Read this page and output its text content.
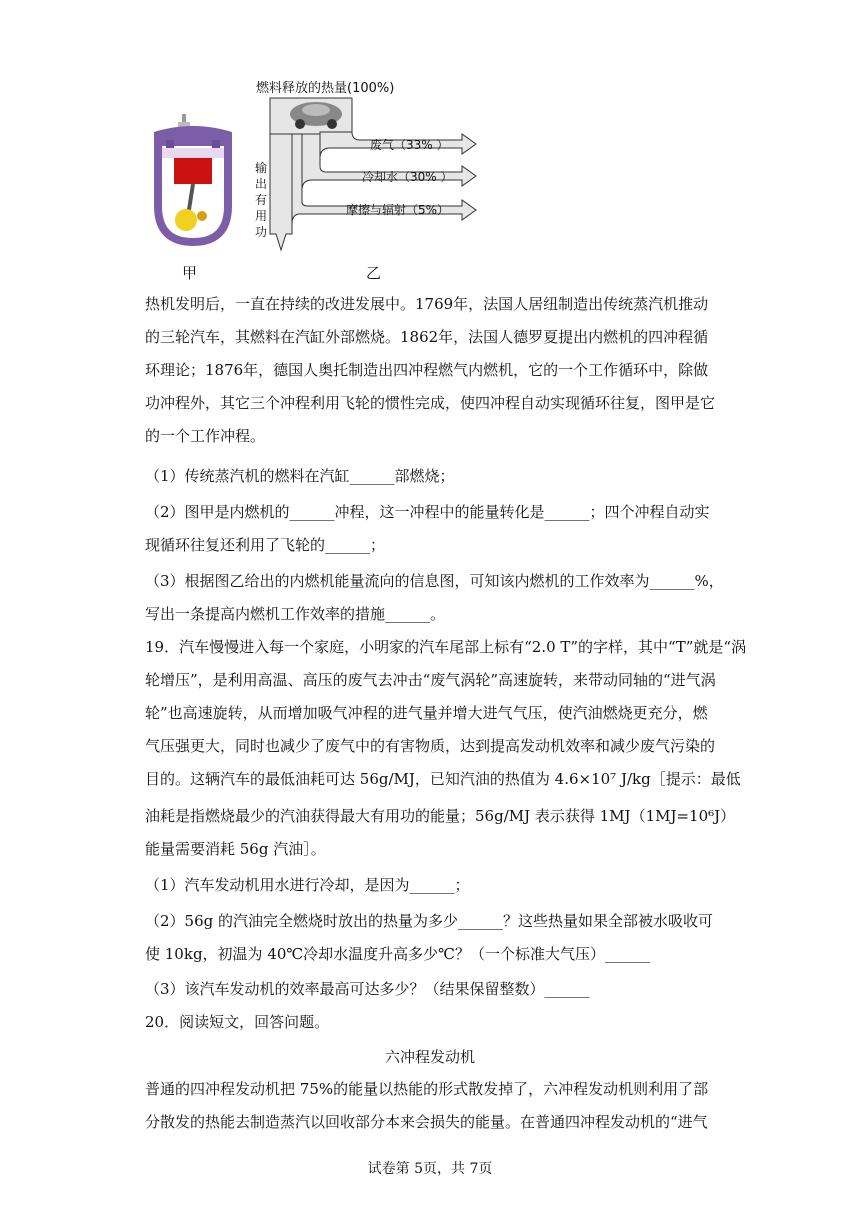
甲
燃料释放的热量(100%)
废气（33% ）
冷却水（30% ）
摩擦与辐射（5%）
输
出
有
用
功
乙
热机发明后，一直在持续的改进发展中。1769年，法国人居纽制造出传统蒸汽机推动
的三轮汽车，其燃料在汽缸外部燃烧。1862年，法国人德罗夏提出内燃机的四冲程循
环理论；1876年，德国人奥托制造出四冲程燃气内燃机，它的一个工作循环中，除做
功冲程外，其它三个冲程利用飞轮的惯性完成，使四冲程自动实现循环往复，图甲是它
的一个工作冲程。
（1）传统蒸汽机的燃料在汽缸______部燃烧；
（2）图甲是内燃机的______冲程，这一冲程中的能量转化是______；四个冲程自动实
现循环往复还利用了飞轮的______；
（3）根据图乙给出的内燃机能量流向的信息图，可知该内燃机的工作效率为______%，
写出一条提高内燃机工作效率的措施______。
19．汽车慢慢进入每一个家庭，小明家的汽车尾部上标有“2.0 T”的字样，其中“T”就是“涡
轮增压”，是利用高温、高压的废气去冲击“废气涡轮”高速旋转，来带动同轴的“进气涡
轮”也高速旋转，从而增加吸气冲程的进气量并增大进气气压，使汽油燃烧更充分，燃
气压强更大，同时也减少了废气中的有害物质，达到提高发动机效率和减少废气污染的
目的。这辆汽车的最低油耗可达 56g/MJ，已知汽油的热值为 4.6×10⁷ J/kg［提示：最低
油耗是指燃烧最少的汽油获得最大有用功的能量；56g/MJ 表示获得 1MJ（1MJ=10⁶J）
能量需要消耗 56g 汽油］。
（1）汽车发动机用水进行冷却，是因为______；
（2）56g 的汽油完全燃烧时放出的热量为多少______？这些热量如果全部被水吸收可
使 10kg，初温为 40℃冷却水温度升高多少℃？（一个标准大气压）______
（3）该汽车发动机的效率最高可达多少？（结果保留整数）______
20．阅读短文，回答问题。
六冲程发动机
普通的四冲程发动机把 75%的能量以热能的形式散发掉了，六冲程发动机则利用了部
分散发的热能去制造蒸汽以回收部分本来会损失的能量。在普通四冲程发动机的“进气
试卷第 5页，共 7页
